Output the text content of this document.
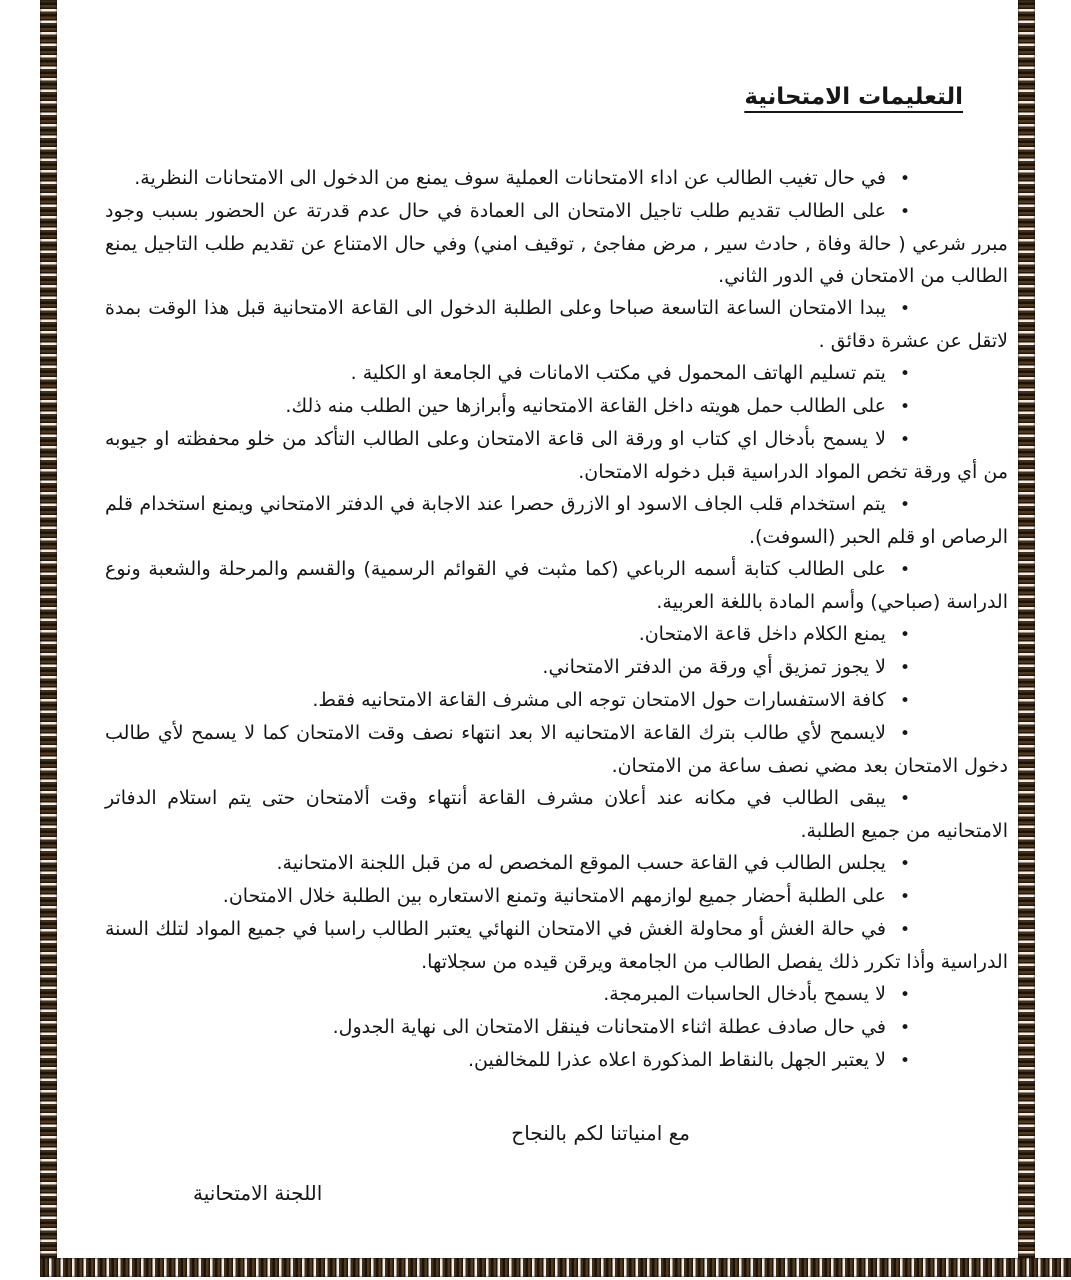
التعليمات الامتحانية
•في حال تغيب الطالب عن اداء الامتحانات العملية سوف يمنع من الدخول الى الامتحانات النظرية.
•على الطالب تقديم طلب تاجيل الامتحان الى العمادة في حال عدم قدرتة عن الحضور بسبب وجود مبرر شرعي ( حالة وفاة , حادث سير , مرض مفاجئ , توقيف امني) وفي حال الامتناع عن تقديم طلب التاجيل يمنع الطالب من الامتحان في الدور الثاني.
•يبدا الامتحان الساعة التاسعة صباحا وعلى الطلبة الدخول الى القاعة الامتحانية قبل هذا الوقت بمدة لاتقل عن عشرة دقائق .
•يتم تسليم الهاتف المحمول في مكتب الامانات في الجامعة او الكلية .
•على الطالب حمل هويته داخل القاعة الامتحانيه وأبرازها حين الطلب منه ذلك.
•لا يسمح بأدخال اي كتاب او ورقة الى قاعة الامتحان وعلى الطالب التأكد من خلو محفظته او جيوبه من أي ورقة تخص المواد الدراسية قبل دخوله الامتحان.
•يتم استخدام قلب الجاف الاسود او الازرق حصرا عند الاجابة في الدفتر الامتحاني ويمنع استخدام قلم الرصاص او قلم الحبر (السوفت).
•على الطالب كتابة أسمه الرباعي (كما مثبت في القوائم الرسمية) والقسم والمرحلة والشعبة ونوع الدراسة (صباحي) وأسم المادة باللغة العربية.
•يمنع الكلام داخل قاعة الامتحان.
•لا يجوز تمزيق أي ورقة من الدفتر الامتحاني.
•كافة الاستفسارات حول الامتحان توجه الى مشرف القاعة الامتحانيه فقط.
•لايسمح لأي طالب بترك القاعة الامتحانيه الا بعد انتهاء نصف وقت الامتحان كما لا يسمح لأي طالب دخول الامتحان بعد مضي نصف ساعة من الامتحان.
•يبقى الطالب في مكانه عند أعلان مشرف القاعة أنتهاء وقت ألامتحان حتى يتم استلام الدفاتر الامتحانيه من جميع الطلبة.
•يجلس الطالب في القاعة حسب الموقع المخصص له من قبل اللجنة الامتحانية.
•على الطلبة أحضار جميع لوازمهم الامتحانية وتمنع الاستعاره بين الطلبة خلال الامتحان.
•في حالة الغش أو محاولة الغش في الامتحان النهائي يعتبر الطالب راسبا في جميع المواد لتلك السنة الدراسية وأذا تكرر ذلك يفصل الطالب من الجامعة ويرقن قيده من سجلاتها.
•لا يسمح بأدخال الحاسبات المبرمجة.
•في حال صادف عطلة اثناء الامتحانات فينقل الامتحان الى نهاية الجدول.
•لا يعتبر الجهل بالنقاط المذكورة اعلاه عذرا للمخالفين.

مع امنياتنا لكم بالنجاح

اللجنة الامتحانية
